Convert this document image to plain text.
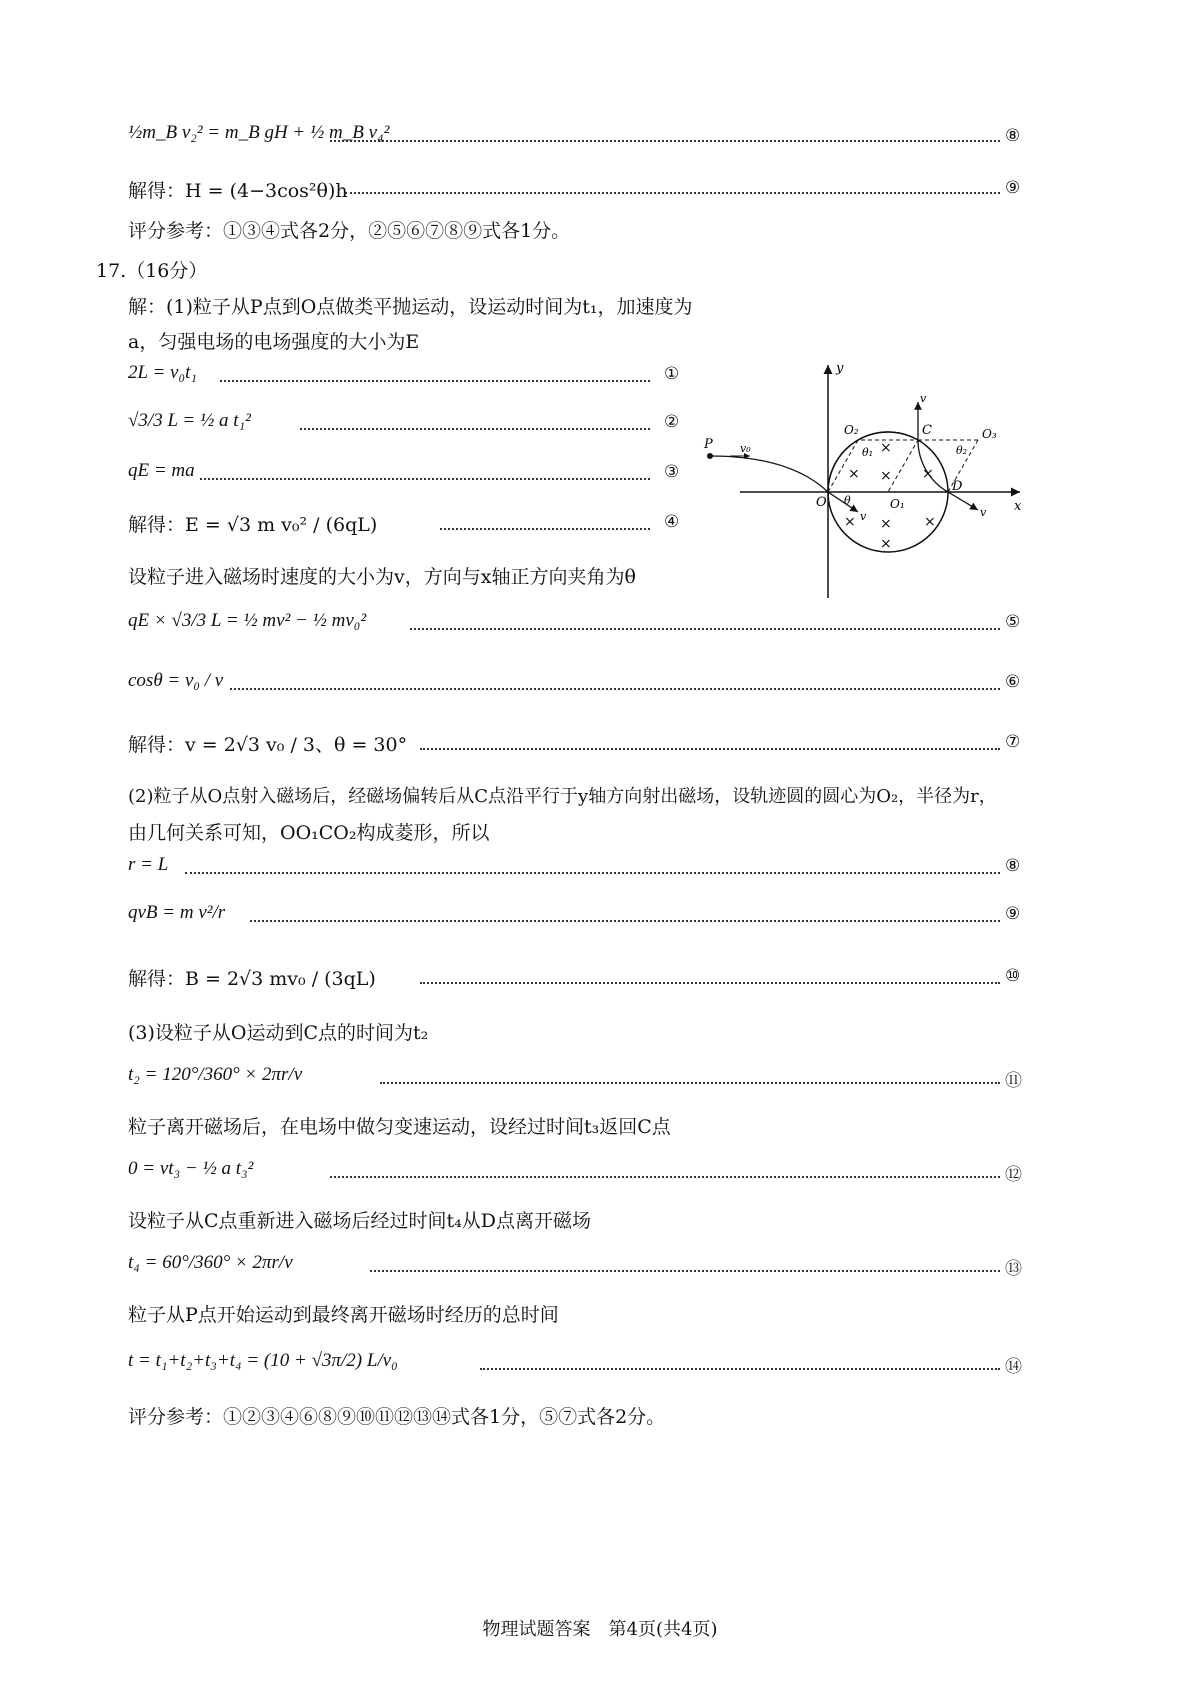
½m_B v₂² = m_B gH + ½ m_B v₄²	⑧
解得：H = (4−3cos²θ)h	⑨
评分参考：①③④式各2分，②⑤⑥⑦⑧⑨式各1分。
17.（16分）
解：(1)粒子从P点到O点做类平抛运动，设运动时间为t₁，加速度为
a，匀强电场的电场强度的大小为E
2L = v₀t₁	①
√3/3 L = ½ a t₁²	②
qE = ma	③
解得：E = √3 m v₀² / (6qL)	④
设粒子进入磁场时速度的大小为v，方向与x轴正方向夹角为θ
qE × √3/3 L = ½ mv² − ½ mv₀²	⑤
cosθ = v₀ / v	⑥
解得：v = 2√3 v₀ / 3、θ = 30°	⑦
(2)粒子从O点射入磁场后，经磁场偏转后从C点沿平行于y轴方向射出磁场，设轨迹圆的圆心为O₂，半径为r，
由几何关系可知，OO₁CO₂构成菱形，所以
r = L	⑧
qvB = m v²/r	⑨
解得：B = 2√3 mv₀ / (3qL)	⑩
(3)设粒子从O运动到C点的时间为t₂
t₂ = 120°/360° × 2πr/v	⑪
粒子离开磁场后，在电场中做匀变速运动，设经过时间t₃返回C点
0 = vt₃ − ½ a t₃²	⑫
设粒子从C点重新进入磁场后经过时间t₄从D点离开磁场
t₄ = 60°/360° × 2πr/v	⑬
粒子从P点开始运动到最终离开磁场时经历的总时间
t = t₁+t₂+t₃+t₄ = (10 + √3π/2) L/v₀	⑭
评分参考：①②③④⑥⑧⑨⑩⑪⑫⑬⑭式各1分，⑤⑦式各2分。
x
y
P v₀
O	O₁
O₂	O₃
C
D
v
v
v
θ
θ₁	θ₂
×
×
× ×
× × ×
×
物理试题答案　第4页(共4页)
